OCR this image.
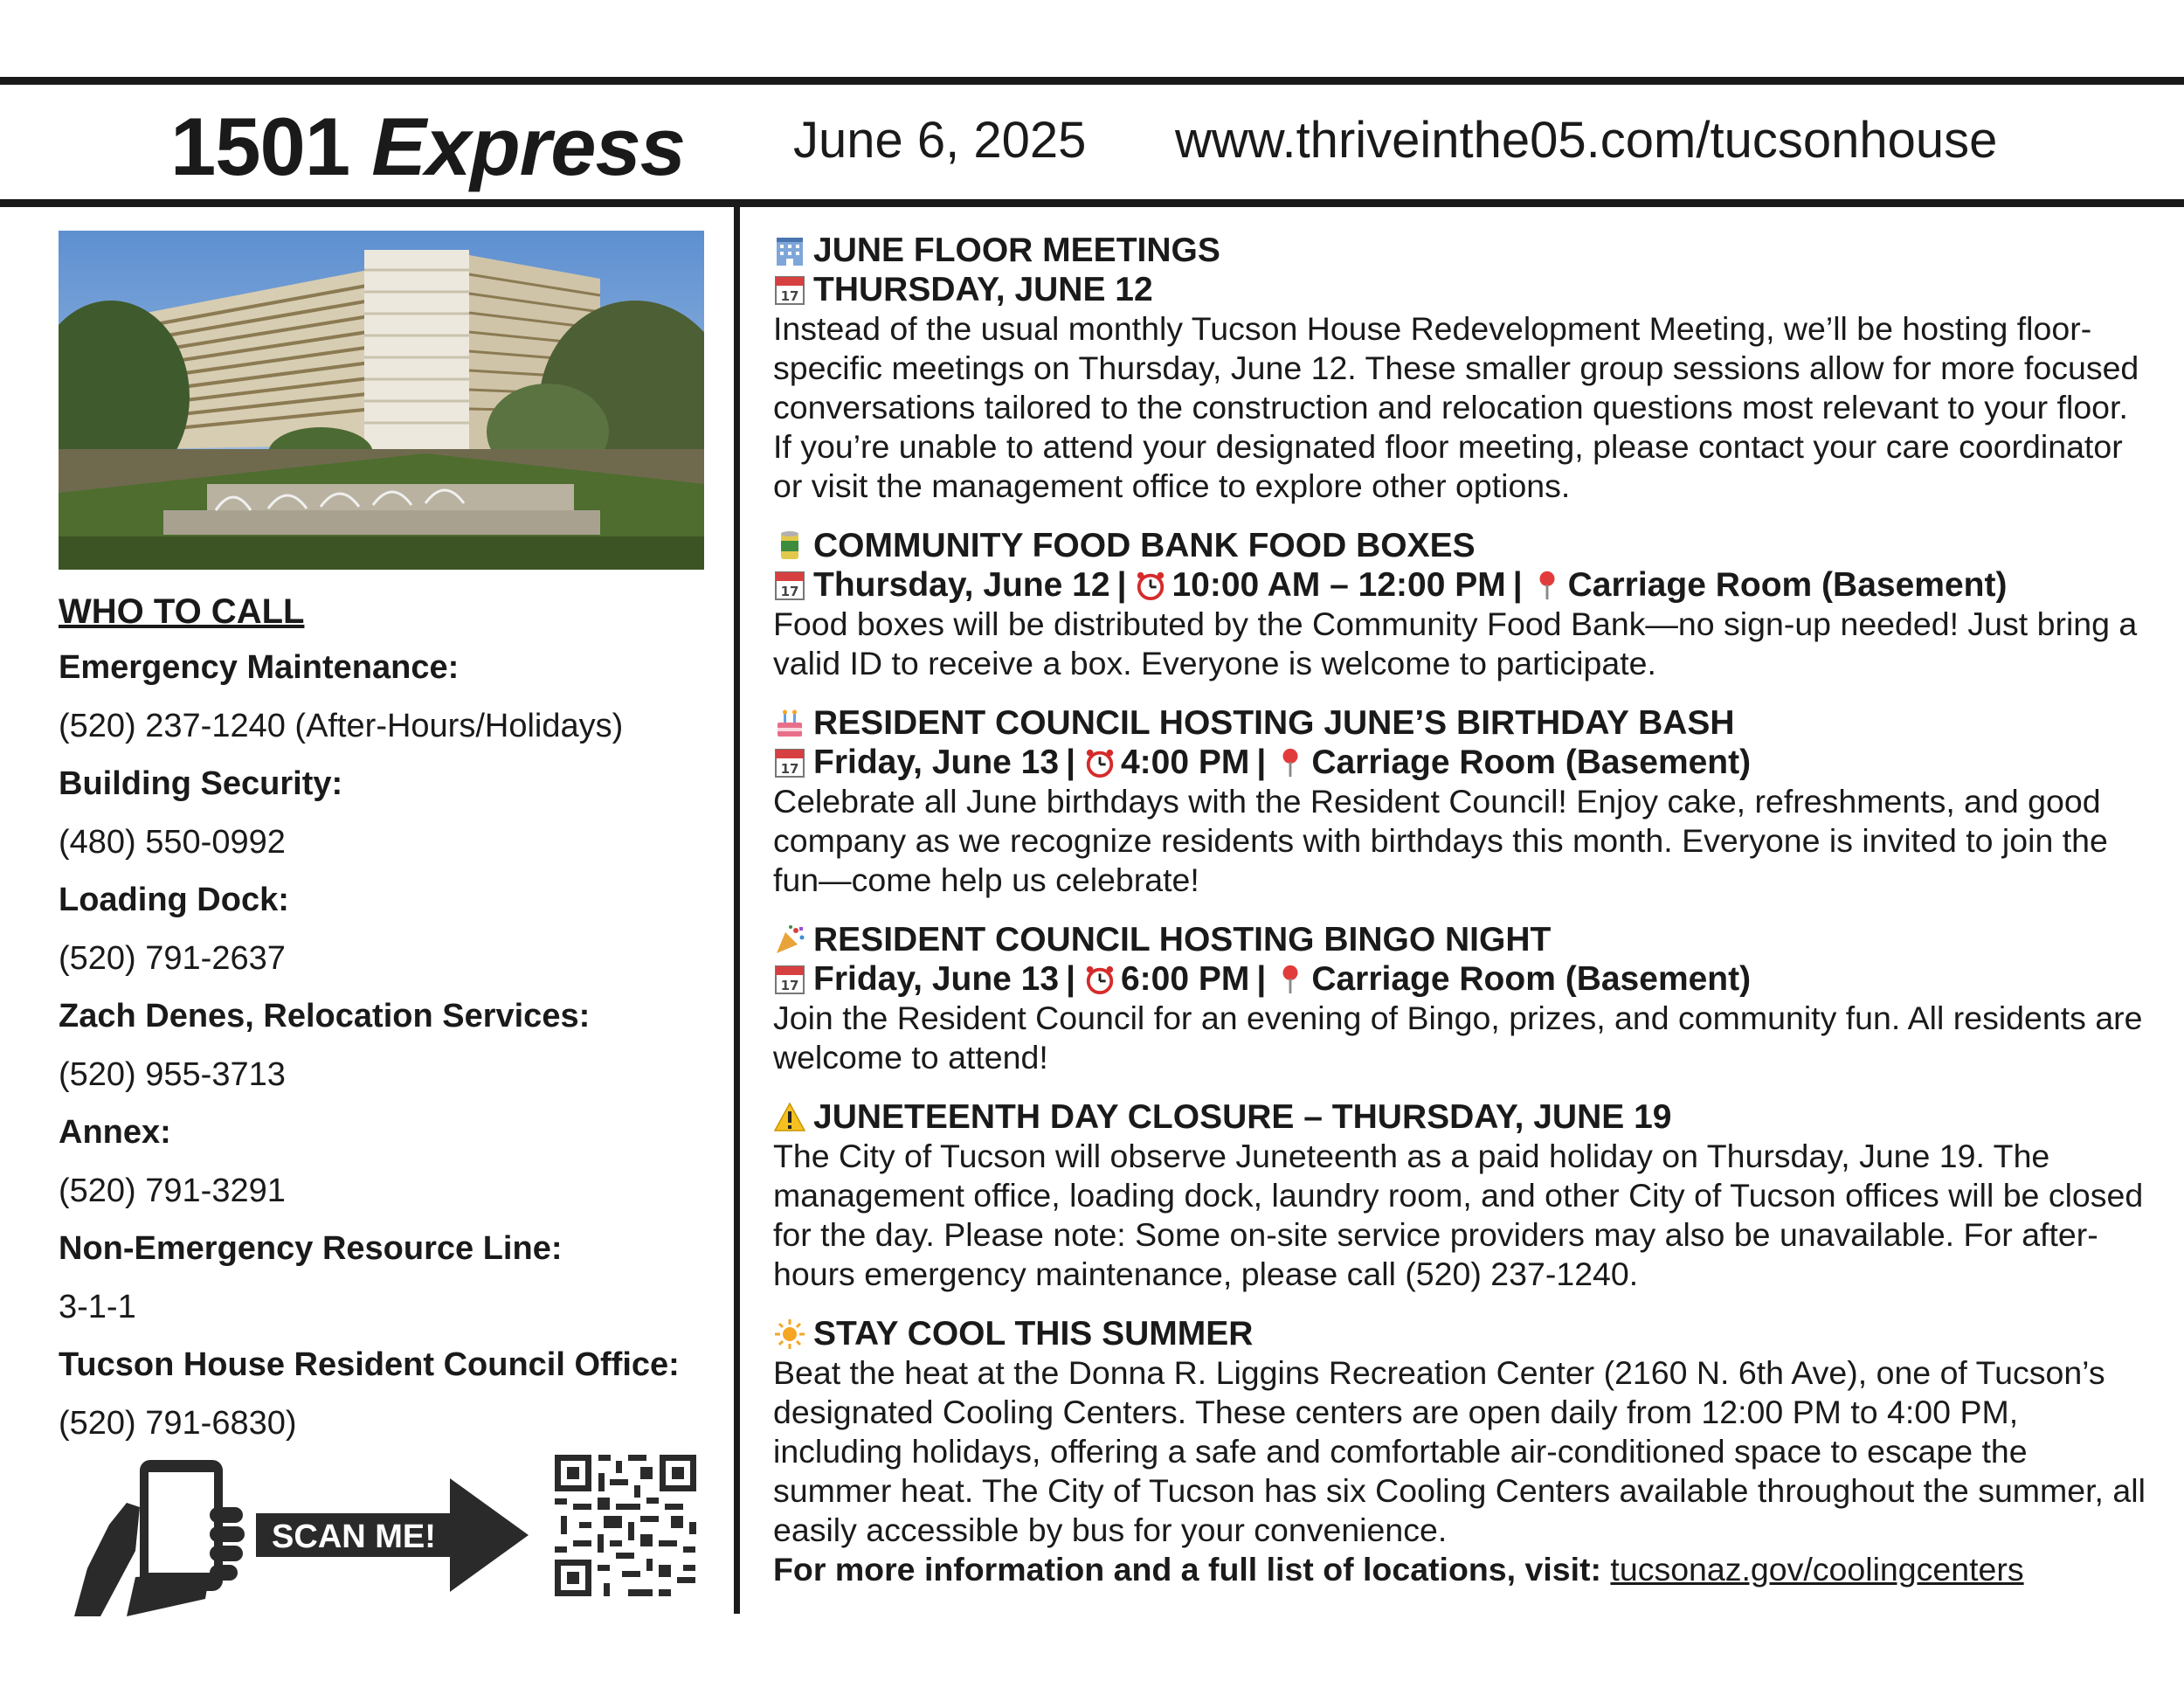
1501 Express June 6, 2025 www.thriveinthe05.com/tucsonhouse
WHO TO CALL
Emergency Maintenance:
(520) 237-1240 (After-Hours/Holidays)
Building Security:
(480) 550-0992
Loading Dock:
(520) 791-2637
Zach Denes, Relocation Services:
(520) 955-3713
Annex:
(520) 791-3291
Non-Emergency Resource Line:
3-1-1
Tucson House Resident Council Office:
(520) 791-6830)
SCAN ME!
JUNE FLOOR MEETINGS
17 THURSDAY, JUNE 12
Instead of the usual monthly Tucson House Redevelopment Meeting, we’ll be hosting floor-specific meetings on Thursday, June 12. These smaller group sessions allow for more focused conversations tailored to the construction and relocation questions most relevant to your floor. If you’re unable to attend your designated floor meeting, please contact your care coordinator or visit the management office to explore other options.
COMMUNITY FOOD BANK FOOD BOXES
17 Thursday, June 12 | 10:00 AM – 12:00 PM | Carriage Room (Basement)
Food boxes will be distributed by the Community Food Bank—no sign-up needed! Just bring a valid ID to receive a box. Everyone is welcome to participate.
RESIDENT COUNCIL HOSTING JUNE’S BIRTHDAY BASH
17 Friday, June 13 | 4:00 PM | Carriage Room (Basement)
Celebrate all June birthdays with the Resident Council! Enjoy cake, refreshments, and good company as we recognize residents with birthdays this month. Everyone is invited to join the fun—come help us celebrate!
RESIDENT COUNCIL HOSTING BINGO NIGHT
17 Friday, June 13 | 6:00 PM | Carriage Room (Basement)
Join the Resident Council for an evening of Bingo, prizes, and community fun. All residents are welcome to attend!
JUNETEENTH DAY CLOSURE – THURSDAY, JUNE 19
The City of Tucson will observe Juneteenth as a paid holiday on Thursday, June 19. The management office, loading dock, laundry room, and other City of Tucson offices will be closed for the day. Please note: Some on-site service providers may also be unavailable. For after-hours emergency maintenance, please call (520) 237-1240.
STAY COOL THIS SUMMER
Beat the heat at the Donna R. Liggins Recreation Center (2160 N. 6th Ave), one of Tucson’s designated Cooling Centers. These centers are open daily from 12:00 PM to 4:00 PM, including holidays, offering a safe and comfortable air-conditioned space to escape the summer heat. The City of Tucson has six Cooling Centers available throughout the summer, all easily accessible by bus for your convenience.
For more information and a full list of locations, visit: tucsonaz.gov/coolingcenters
